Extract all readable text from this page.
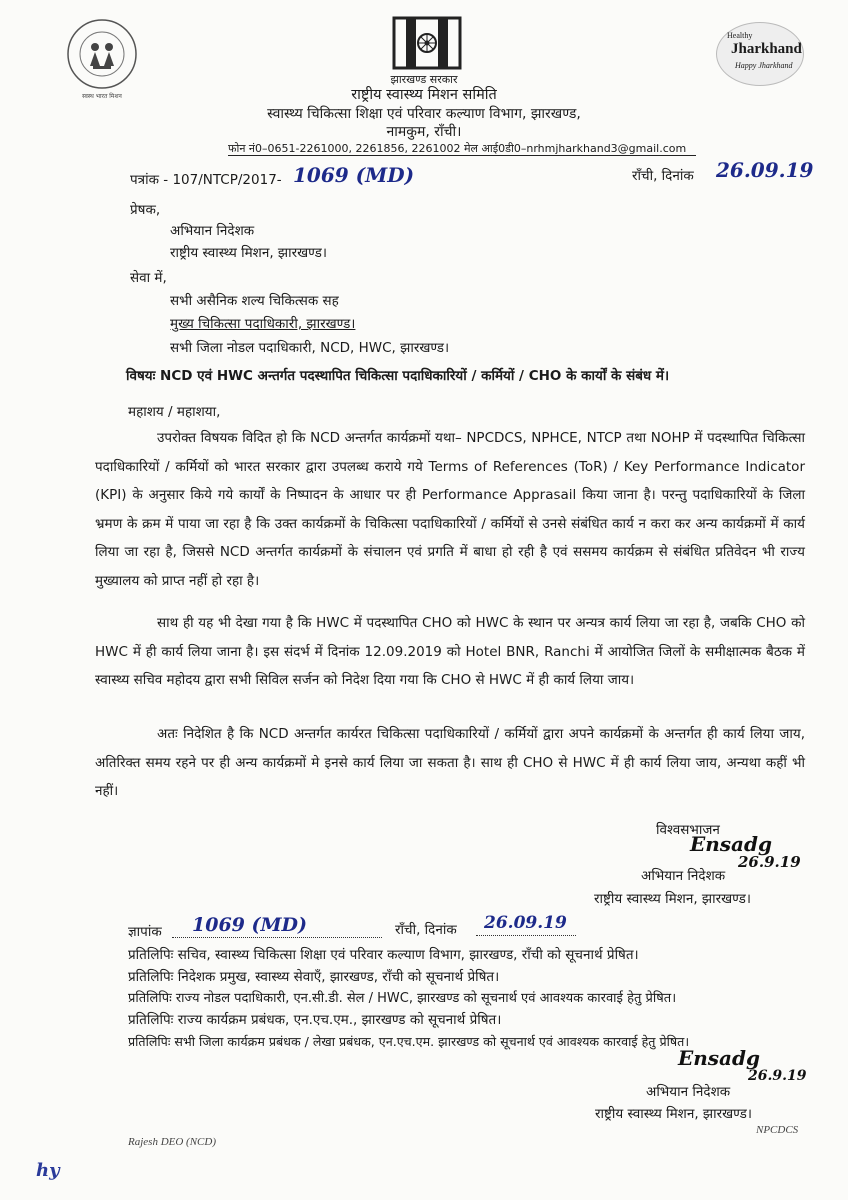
स्वस्थ भारत मिशन
Healthy
Jharkhand
Happy Jharkhand
झारखण्ड सरकार
राष्ट्रीय स्वास्थ्य मिशन समिति
स्वास्थ्य चिकित्सा शिक्षा एवं परिवार कल्याण विभाग, झारखण्ड,
नामकुम, राँची।
फोन नं0–0651-2261000, 2261856, 2261002 मेल आई0डी0–nrhmjharkhand3@gmail.com
पत्रांक - 107/NTCP/2017- 1069 (MD)	राँची, दिनांक 26.09.19
प्रेषक,
अभियान निदेशक
राष्ट्रीय स्वास्थ्य मिशन, झारखण्ड।
सेवा में,
सभी असैनिक शल्य चिकित्सक सह
मुख्य चिकित्सा पदाधिकारी, झारखण्ड।
सभी जिला नोडल पदाधिकारी, NCD, HWC, झारखण्ड।
विषयः NCD एवं HWC अन्तर्गत पदस्थापित चिकित्सा पदाधिकारियों / कर्मियों / CHO के कार्यों के संबंध में।
महाशय / महाशया,
उपरोक्त विषयक विदित हो कि NCD अन्तर्गत कार्यक्रमों यथा– NPCDCS, NPHCE, NTCP तथा NOHP में पदस्थापित चिकित्सा पदाधिकारियों / कर्मियों को भारत सरकार द्वारा उपलब्ध कराये गये Terms of References (ToR) / Key Performance Indicator (KPI) के अनुसार किये गये कार्यों के निष्पादन के आधार पर ही Performance Apprasail किया जाना है। परन्तु पदाधिकारियों के जिला भ्रमण के क्रम में पाया जा रहा है कि उक्त कार्यक्रमों के चिकित्सा पदाधिकारियों / कर्मियों से उनसे संबंधित कार्य न करा कर अन्य कार्यक्रमों में कार्य लिया जा रहा है, जिससे NCD अन्तर्गत कार्यक्रमों के संचालन एवं प्रगति में बाधा हो रही है एवं ससमय कार्यक्रम से संबंधित प्रतिवेदन भी राज्य मुख्यालय को प्राप्त नहीं हो रहा है।
साथ ही यह भी देखा गया है कि HWC में पदस्थापित CHO को HWC के स्थान पर अन्यत्र कार्य लिया जा रहा है, जबकि CHO को HWC में ही कार्य लिया जाना है। इस संदर्भ में दिनांक 12.09.2019 को Hotel BNR, Ranchi में आयोजित जिलों के समीक्षात्मक बैठक में स्वास्थ्य सचिव महोदय द्वारा सभी सिविल सर्जन को निदेश दिया गया कि CHO से HWC में ही कार्य लिया जाय।
अतः निदेशित है कि NCD अन्तर्गत कार्यरत चिकित्सा पदाधिकारियों / कर्मियों द्वारा अपने कार्यक्रमों के अन्तर्गत ही कार्य लिया जाय, अतिरिक्त समय रहने पर ही अन्य कार्यक्रमों मे इनसे कार्य लिया जा सकता है। साथ ही CHO से HWC में ही कार्य लिया जाय, अन्यथा कहीं भी नहीं।
विश्वसभाजन
Ensadg
26.9.19
अभियान निदेशक
राष्ट्रीय स्वास्थ्य मिशन, झारखण्ड।
ज्ञापांक 1069 (MD)	राँची, दिनांक 26.09.19
प्रतिलिपिः सचिव, स्वास्थ्य चिकित्सा शिक्षा एवं परिवार कल्याण विभाग, झारखण्ड, राँची को सूचनार्थ प्रेषित।
प्रतिलिपिः निदेशक प्रमुख, स्वास्थ्य सेवाएँ, झारखण्ड, राँची को सूचनार्थ प्रेषित।
प्रतिलिपिः राज्य नोडल पदाधिकारी, एन.सी.डी. सेल / HWC, झारखण्ड को सूचनार्थ एवं आवश्यक कारवाई हेतु प्रेषित।
प्रतिलिपिः राज्य कार्यक्रम प्रबंधक, एन.एच.एम., झारखण्ड को सूचनार्थ प्रेषित।
प्रतिलिपिः सभी जिला कार्यक्रम प्रबंधक / लेखा प्रबंधक, एन.एच.एम. झारखण्ड को सूचनार्थ एवं आवश्यक कारवाई हेतु प्रेषित।
Ensadg
26.9.19
अभियान निदेशक
राष्ट्रीय स्वास्थ्य मिशन, झारखण्ड।
Rajesh DEO (NCD)
NPCDCS
hy
